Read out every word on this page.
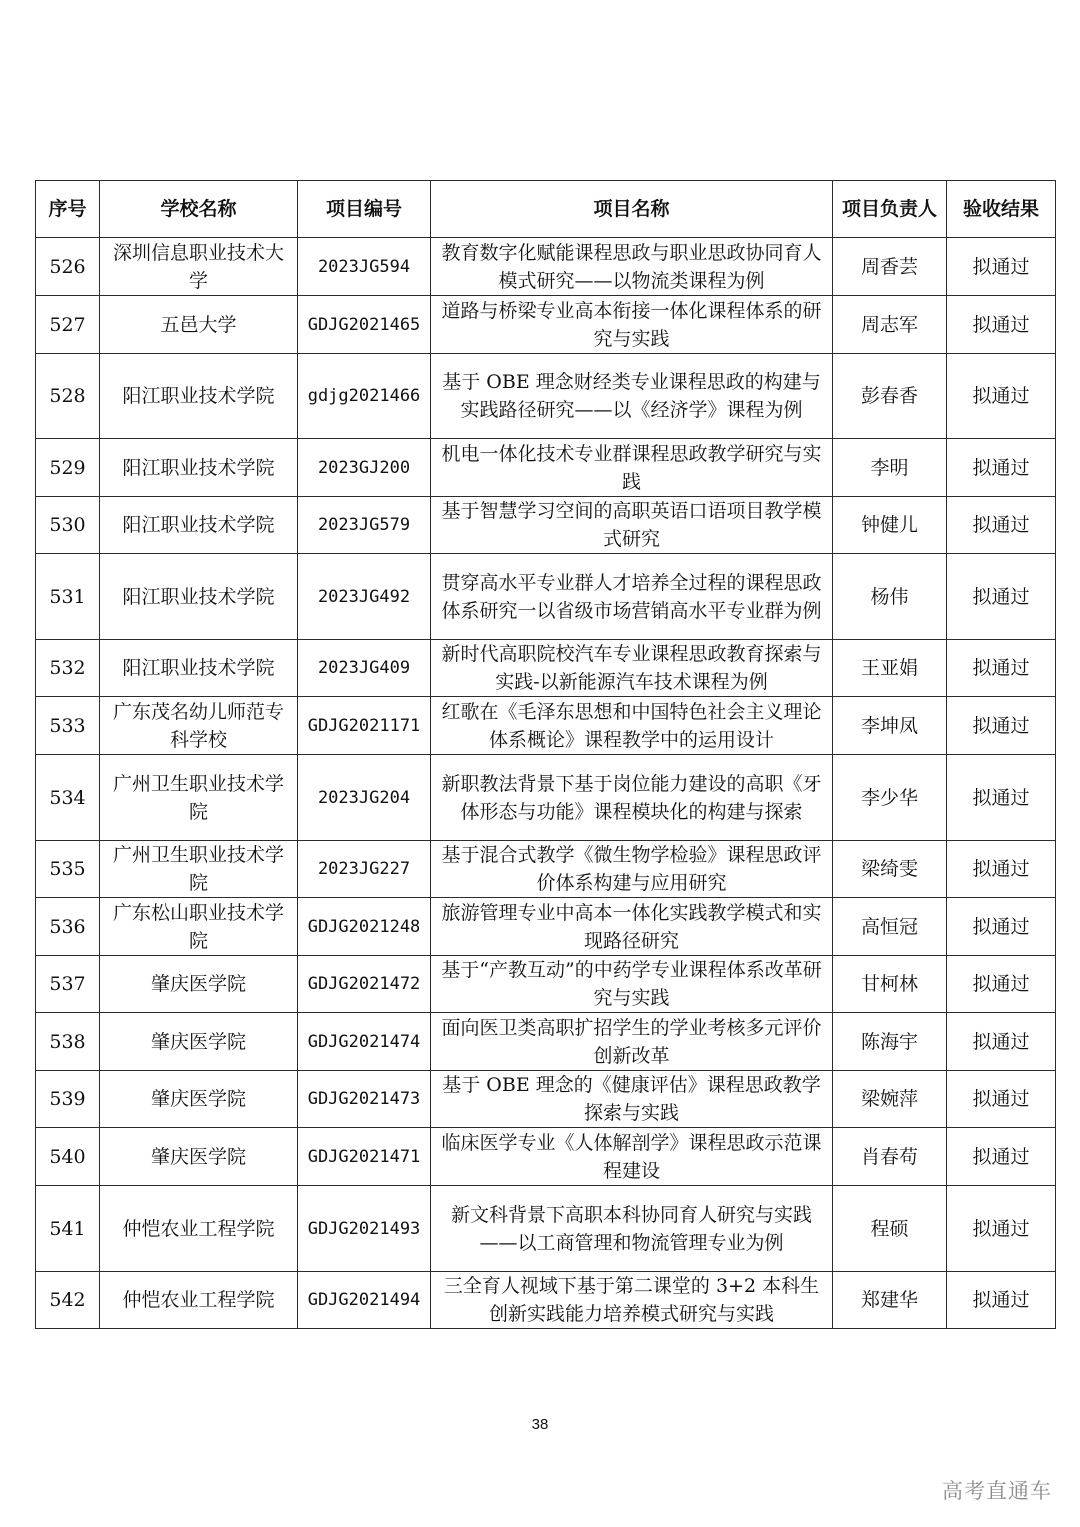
序号	学校名称	项目编号	项目名称	项目负责人	验收结果
526	深圳信息职业技术大学	2023JG594	教育数字化赋能课程思政与职业思政协同育人模式研究——以物流类课程为例	周香芸	拟通过
527	五邑大学	GDJG2021465	道路与桥梁专业高本衔接一体化课程体系的研究与实践	周志军	拟通过
528	阳江职业技术学院	gdjg2021466	基于 OBE 理念财经类专业课程思政的构建与实践路径研究——以《经济学》课程为例	彭春香	拟通过
529	阳江职业技术学院	2023GJ200	机电一体化技术专业群课程思政教学研究与实践	李明	拟通过
530	阳江职业技术学院	2023JG579	基于智慧学习空间的高职英语口语项目教学模式研究	钟健儿	拟通过
531	阳江职业技术学院	2023JG492	贯穿高水平专业群人才培养全过程的课程思政体系研究一以省级市场营销高水平专业群为例	杨伟	拟通过
532	阳江职业技术学院	2023JG409	新时代高职院校汽车专业课程思政教育探索与实践-以新能源汽车技术课程为例	王亚娟	拟通过
533	广东茂名幼儿师范专科学校	GDJG2021171	红歌在《毛泽东思想和中国特色社会主义理论体系概论》课程教学中的运用设计	李坤凤	拟通过
534	广州卫生职业技术学院	2023JG204	新职教法背景下基于岗位能力建设的高职《牙体形态与功能》课程模块化的构建与探索	李少华	拟通过
535	广州卫生职业技术学院	2023JG227	基于混合式教学《微生物学检验》课程思政评价体系构建与应用研究	梁绮雯	拟通过
536	广东松山职业技术学院	GDJG2021248	旅游管理专业中高本一体化实践教学模式和实现路径研究	高恒冠	拟通过
537	肇庆医学院	GDJG2021472	基于“产教互动”的中药学专业课程体系改革研究与实践	甘柯林	拟通过
538	肇庆医学院	GDJG2021474	面向医卫类高职扩招学生的学业考核多元评价创新改革	陈海宇	拟通过
539	肇庆医学院	GDJG2021473	基于 OBE 理念的《健康评估》课程思政教学探索与实践	梁婉萍	拟通过
540	肇庆医学院	GDJG2021471	临床医学专业《人体解剖学》课程思政示范课程建设	肖春苟	拟通过
541	仲恺农业工程学院	GDJG2021493	新文科背景下高职本科协同育人研究与实践——以工商管理和物流管理专业为例	程硕	拟通过
542	仲恺农业工程学院	GDJG2021494	三全育人视域下基于第二课堂的 3+2 本科生创新实践能力培养模式研究与实践	郑建华	拟通过
38
高考直通车
